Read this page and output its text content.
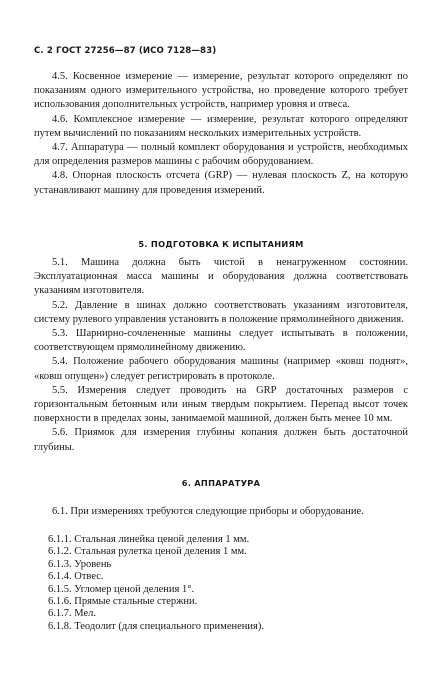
С. 2 ГОСТ 27256—87 (ИСО 7128—83)

4.5. Косвенное измерение — измерение, результат которого определяют по показаниям одного измерительного устройства, но проведение которого требует использования дополнительных устройств, например уровня и отвеса.

4.6. Комплексное измерение — измерение, результат которого определяют путем вычислений по показаниям нескольких измерительных устройств.

4.7. Аппаратура — полный комплект оборудования и устройств, необходимых для определения размеров машины с рабочим оборудованием.

4.8. Опорная плоскость отсчета (GRP) — нулевая плоскость Z, на которую устанавливают машину для проведения измерений.

5. ПОДГОТОВКА К ИСПЫТАНИЯМ

5.1. Машина должна быть чистой в ненагруженном состоянии. Эксплуатационная масса машины и оборудования должна соответствовать указаниям изготовителя.

5.2. Давление в шинах должно соответствовать указаниям изготовителя, систему рулевого управления установить в положение прямолинейного движения.

5.3. Шарнирно-сочлененные машины следует испытывать в положении, соответствующем прямолинейному движению.

5.4. Положение рабочего оборудования машины (например «ковш поднят», «ковш опущен») следует регистрировать в протоколе.

5.5. Измерения следует проводить на GRP достаточных размеров с горизонтальным бетонным или иным твердым покрытием. Перепад высот точек поверхности в пределах зоны, занимаемой машиной, должен быть менее 10 мм.

5.6. Приямок для измерения глубины копания должен быть достаточной глубины.

6. АППАРАТУРА

6.1. При измерениях требуются следующие приборы и оборудование.

6.1.1. Стальная линейка ценой деления 1 мм.
6.1.2. Стальная рулетка ценой деления 1 мм.
6.1.3. Уровень
6.1.4. Отвес.
6.1.5. Угломер ценой деления 1°.
6.1.6. Прямые стальные стержни.
6.1.7. Мел.
6.1.8. Теодолит (для специального применения).
